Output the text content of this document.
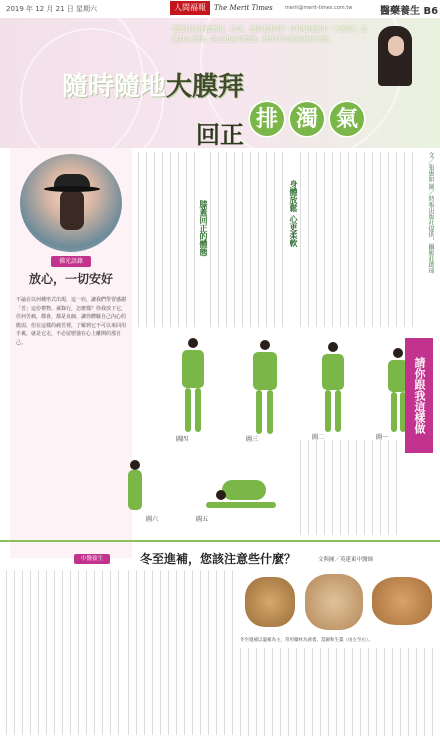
2019 年 12 月 21 日 星期六	人間福報	The Merit Times merit@merit-times.com.tw	醫藥養生 B6
想要打造身體環境、改善、緩和症狀嗎？在伸展瑜伽中「大膜拜」是讓身心柔軟，回正扭曲的體態、排出不好氣息的好方法。
隨時隨地大膜拜
回正
排 濁 氣
佛光語錄
放心，一切安好
不論在以何種形式出現，這一肩，讓我們學習感謝「苦」這份禮物。孫錄行，怎麼樣？你我放下它，任何苦痛，都會，都是良師，讓你體驗自己內心的脆弱，但在這樣的痛苦裡，了解到它不可以來回用手裏，就是它走，不必留戀強在心上離開的那自己。
文／張惠如 圖／時報出版社提供，攝影莊啟琦
身體放鬆 心更柔軟
膝蓋回正的體態
圖一
圖二
圖三
圖四
圖五
圖六
請你跟我這樣做
中醫養生	冬至進補，您該注意些什麼？	文與圖／英建東中醫師
冬至適補以溫補為主，常用藥材為黃耆、當歸和生薑（由左至右）。
